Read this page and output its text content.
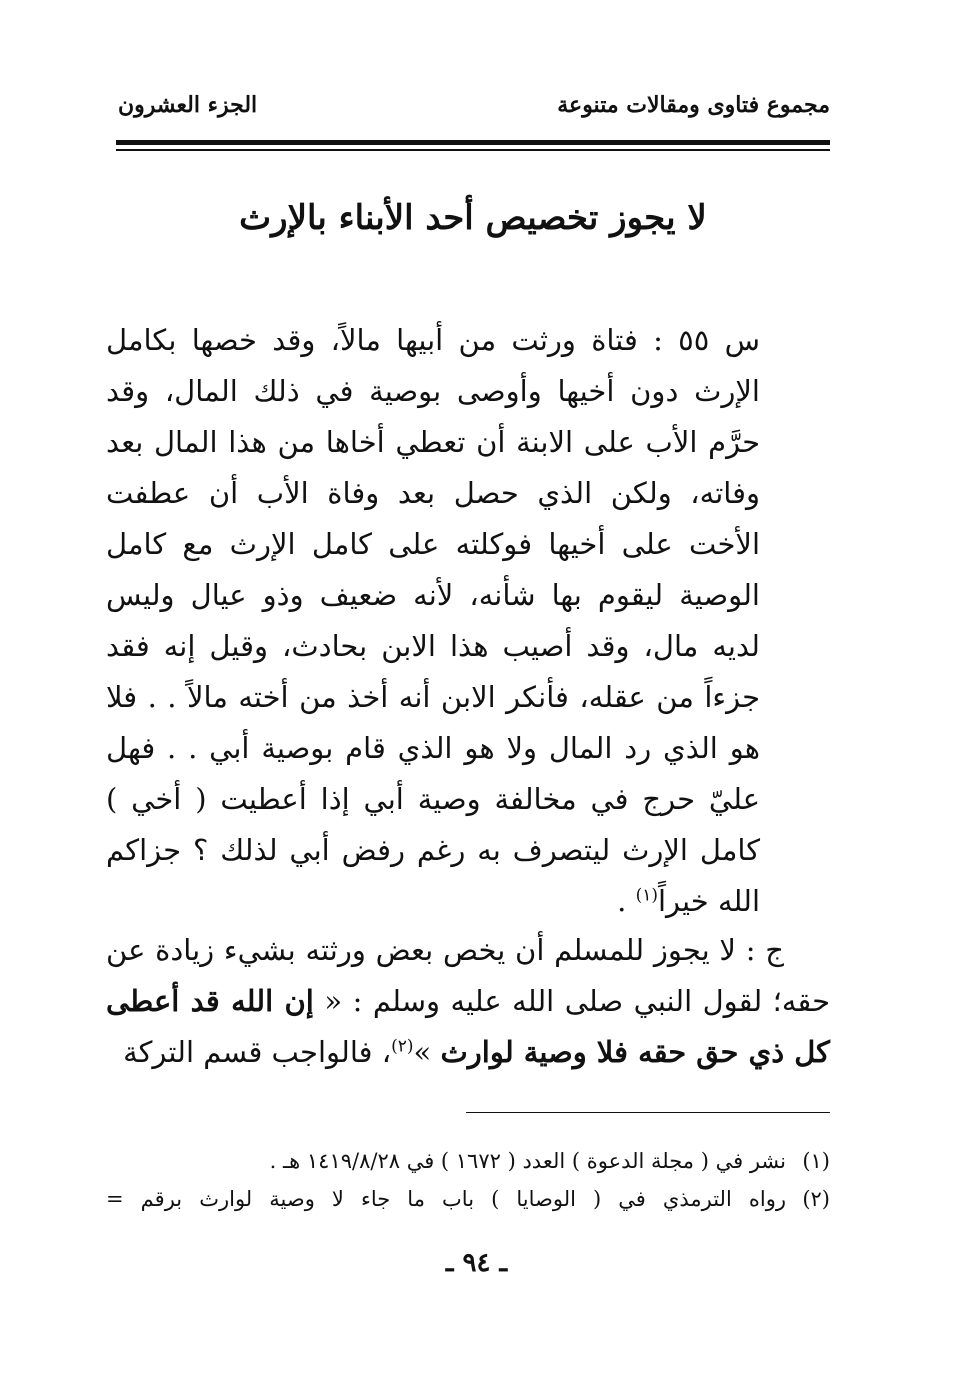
مجموع فتاوى ومقالات متنوعة
الجزء العشرون
لا يجوز تخصيص أحد الأبناء بالإرث
س ٥٥ : فتاة ورثت من أبيها مالاً، وقد خصها بكامل الإرث دون أخيها وأوصى بوصية في ذلك المال، وقد حرَّم الأب على الابنة أن تعطي أخاها من هذا المال بعد وفاته، ولكن الذي حصل بعد وفاة الأب أن عطفت الأخت على أخيها فوكلته على كامل الإرث مع كامل الوصية ليقوم بها شأنه، لأنه ضعيف وذو عيال وليس لديه مال، وقد أصيب هذا الابن بحادث، وقيل إنه فقد جزءاً من عقله، فأنكر الابن أنه أخذ من أخته مالاً . . فلا هو الذي رد المال ولا هو الذي قام بوصية أبي . . فهل عليّ حرج في مخالفة وصية أبي إذا أعطيت ( أخي ) كامل الإرث ليتصرف به رغم رفض أبي لذلك ؟ جزاكم الله خيراً$^{(١)}$ .
ج : لا يجوز للمسلم أن يخص بعض ورثته بشيء زيادة عن حقه؛ لقول النبي صلى الله عليه وسلم : « إن الله قد أعطى كل ذي حق حقه فلا وصية لوارث »$^{(٢)}$، فالواجب قسم التركة
(١)
نشر في ( مجلة الدعوة ) العدد ( ١٦٧٢ ) في ١٤١٩/٨/٢٨ هـ .
(٢)
رواه الترمذي في ( الوصايا ) باب ما جاء لا وصية لوارث برقم =
ـ ٩٤ ـ
